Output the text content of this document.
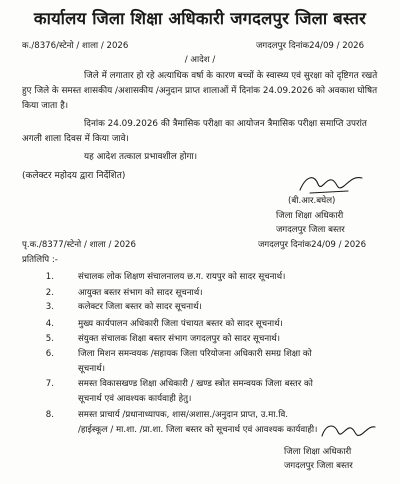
कार्यालय जिला शिक्षा अधिकारी जगदलपुर जिला बस्तर
क./8376/स्टेनो / शाला / 2026	जगदलपुर दिनांक24/09 / 2026
/ आदेश /
जिले में लगातार हो रहे अत्याधिक वर्षा के कारण बच्चों के स्वास्थ्य एवं सुरक्षा को दृष्टिगत रखते हुए जिले के समस्त शासकीय /अशासकीय /अनुदान प्राप्त शालाओं में दिनांक 24.09.2026 को अवकाश घोषित किया जाता है।
दिनांक 24.09.2026 की त्रैमासिक परीक्षा का आयोजन त्रैमासिक परीक्षा समाप्ति उपरांत अगली शाला दिवस में किया जावे।
यह आदेश तत्काल प्रभावशील होगा।
(कलेक्टर महोदय द्वारा निर्देशित)
(बी.आर.बघेल)
जिला शिक्षा अधिकारी
जगदलपुर जिला बस्तर
पृ.क./8377/स्टेनो / शाला / 2026	जगदलपुर दिनांक24/09 / 2026
प्रतिलिपि :-
1.	संचालक लोक शिक्षण संचालनालय छ.ग. रायपुर को सादर सूचनार्थ।
2.	आयुक्त बस्तर संभाग को सादर सूचनार्थ।
3.	कलेक्टर जिला बस्तर को सादर सूचनार्थ।
4.	मुख्य कार्यपालन अधिकारी जिला पंचायत बस्तर को सादर सूचनार्थ।
5.	संयुक्त संचालक शिक्षा बस्तर संभाग जगदलपुर को सादर सूचनार्थ।
6.	जिला मिशन समन्वयक /सहायक जिला परियोजना अधिकारी समग्र शिक्षा को
सूचनार्थ।
7.	समस्त विकासखण्ड शिक्षा अधिकारी / खण्ड स्त्रोत समन्वयक जिला बस्तर को
सूचनार्थ एवं आवश्यक कार्यवाही हेतु।
8.	समस्त प्राचार्य /प्रधानाध्यापक, शास/अशास./अनुदान प्राप्त, उ.मा.वि.
/हाईस्कूल / मा.शा. /प्रा.शा. जिला बस्तर को सूचनार्थ एवं आवश्यक कार्यवाही।
जिला शिक्षा अधिकारी
जगदलपुर जिला बस्तर
